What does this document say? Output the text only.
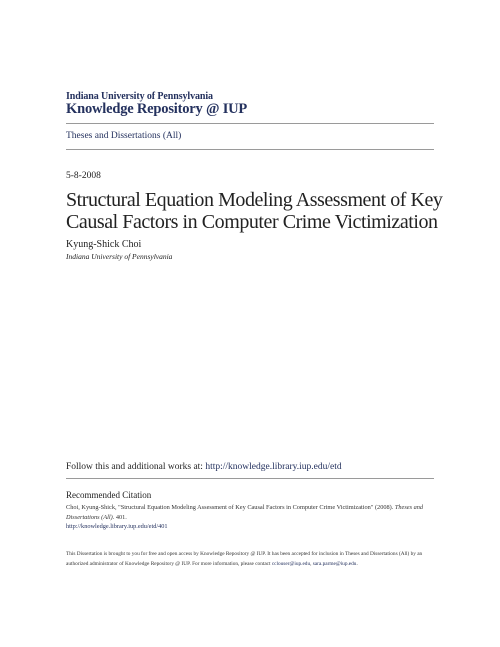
Indiana University of Pennsylvania
Knowledge Repository @ IUP
Theses and Dissertations (All)
5-8-2008
Structural Equation Modeling Assessment of Key Causal Factors in Computer Crime Victimization
Kyung-Shick Choi
Indiana University of Pennsylvania
Follow this and additional works at: http://knowledge.library.iup.edu/etd
Recommended Citation
Choi, Kyung-Shick, "Structural Equation Modeling Assessment of Key Causal Factors in Computer Crime Victimization" (2008). Theses and Dissertations (All). 401.
http://knowledge.library.iup.edu/etd/401
This Dissertation is brought to you for free and open access by Knowledge Repository @ IUP. It has been accepted for inclusion in Theses and Dissertations (All) by an authorized administrator of Knowledge Repository @ IUP. For more information, please contact cclouser@iup.edu, sara.parme@iup.edu.
